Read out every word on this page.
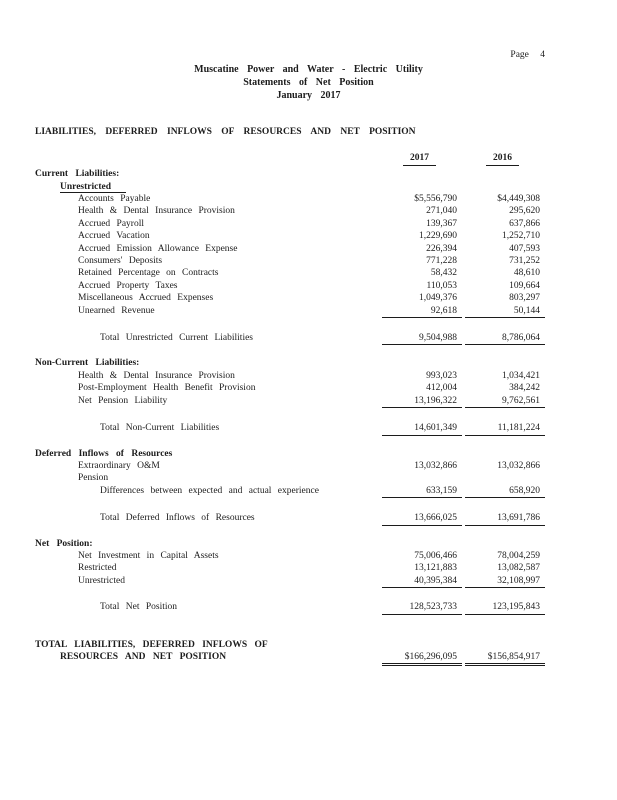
Page 4
Muscatine Power and Water - Electric Utility
Statements of Net Position
January 2017
LIABILITIES, DEFERRED INFLOWS OF RESOURCES AND NET POSITION
2017	2016
Current Liabilities:
Unrestricted
Accounts Payable	$5,556,790	$4,449,308
Health & Dental Insurance Provision	271,040	295,620
Accrued Payroll	139,367	637,866
Accrued Vacation	1,229,690	1,252,710
Accrued Emission Allowance Expense	226,394	407,593
Consumers' Deposits	771,228	731,252
Retained Percentage on Contracts	58,432	48,610
Accrued Property Taxes	110,053	109,664
Miscellaneous Accrued Expenses	1,049,376	803,297
Unearned Revenue	92,618	50,144
Total Unrestricted Current Liabilities	9,504,988	8,786,064
Non-Current Liabilities:
Health & Dental Insurance Provision	993,023	1,034,421
Post-Employment Health Benefit Provision	412,004	384,242
Net Pension Liability	13,196,322	9,762,561
Total Non-Current Liabilities	14,601,349	11,181,224
Deferred Inflows of Resources
Extraordinary O&M	13,032,866	13,032,866
Pension
Differences between expected and actual experience	633,159	658,920
Total Deferred Inflows of Resources	13,666,025	13,691,786
Net Position:
Net Investment in Capital Assets	75,006,466	78,004,259
Restricted	13,121,883	13,082,587
Unrestricted	40,395,384	32,108,997
Total Net Position	128,523,733	123,195,843
TOTAL LIABILITIES, DEFERRED INFLOWS OF
RESOURCES AND NET POSITION	$166,296,095	$156,854,917
